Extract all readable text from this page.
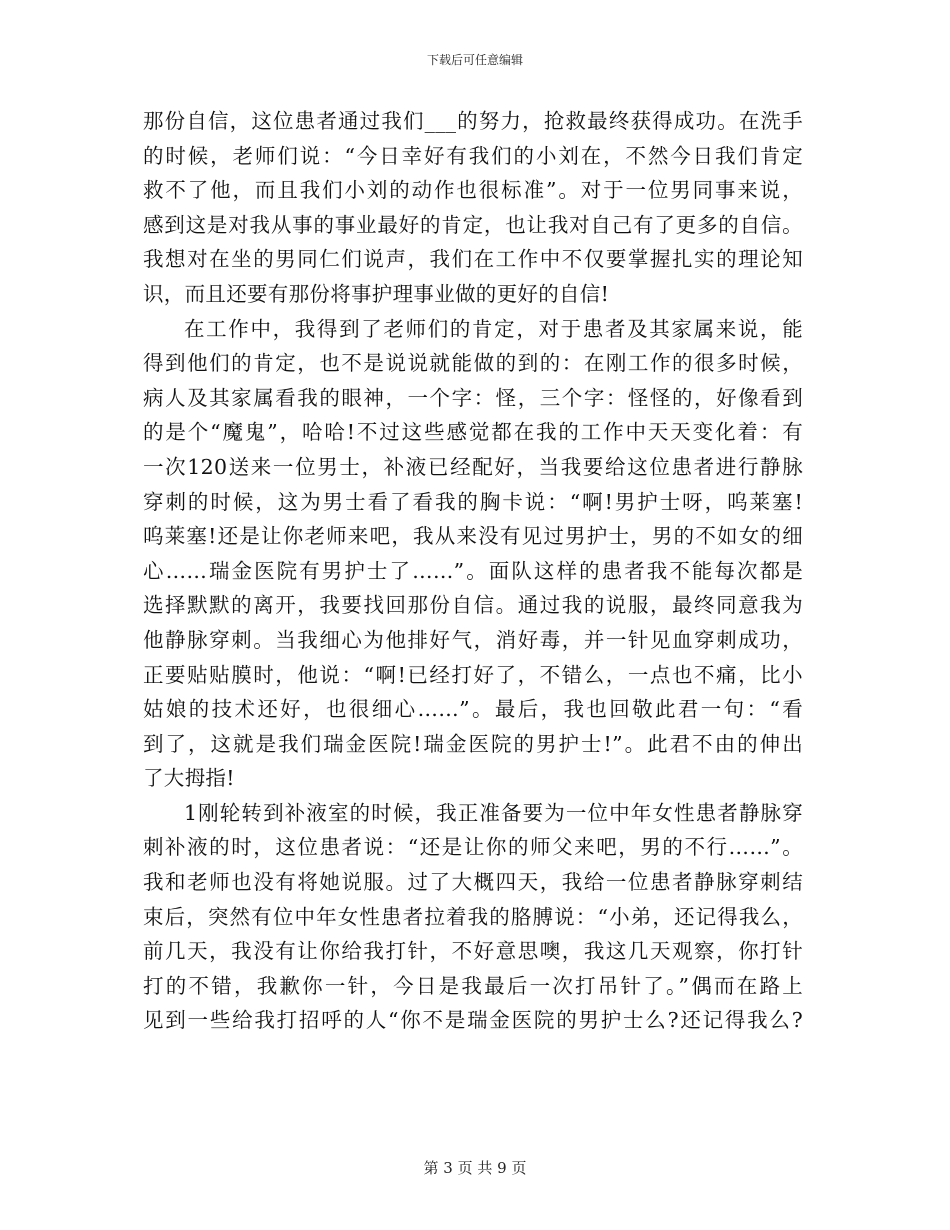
下载后可任意编辑
那份自信，这位患者通过我们___的努力，抢救最终获得成功。在洗手
的时候，老师们说：“今日幸好有我们的小刘在，不然今日我们肯定
救不了他，而且我们小刘的动作也很标准”。对于一位男同事来说，
感到这是对我从事的事业最好的肯定，也让我对自己有了更多的自信。
我想对在坐的男同仁们说声，我们在工作中不仅要掌握扎实的理论知
识，而且还要有那份将事护理事业做的更好的自信!
在工作中，我得到了老师们的肯定，对于患者及其家属来说，能
得到他们的肯定，也不是说说就能做的到的：在刚工作的很多时候，
病人及其家属看我的眼神，一个字：怪，三个字：怪怪的，好像看到
的是个“魔鬼”，哈哈!不过这些感觉都在我的工作中天天变化着：有
一次120送来一位男士，补液已经配好，当我要给这位患者进行静脉
穿刺的时候，这为男士看了看我的胸卡说：“啊!男护士呀，呜莱塞!
呜莱塞!还是让你老师来吧，我从来没有见过男护士，男的不如女的细
心……瑞金医院有男护士了……”。面队这样的患者我不能每次都是
选择默默的离开，我要找回那份自信。通过我的说服，最终同意我为
他静脉穿刺。当我细心为他排好气，消好毒，并一针见血穿刺成功，
正要贴贴膜时，他说：“啊!已经打好了，不错么，一点也不痛，比小
姑娘的技术还好，也很细心……”。最后，我也回敬此君一句：“看
到了，这就是我们瑞金医院!瑞金医院的男护士!”。此君不由的伸出
了大拇指!
1刚轮转到补液室的时候，我正准备要为一位中年女性患者静脉穿
刺补液的时，这位患者说：“还是让你的师父来吧，男的不行……”。
我和老师也没有将她说服。过了大概四天，我给一位患者静脉穿刺结
束后，突然有位中年女性患者拉着我的胳膊说：“小弟，还记得我么，
前几天，我没有让你给我打针，不好意思噢，我这几天观察，你打针
打的不错，我歉你一针，今日是我最后一次打吊针了。”偶而在路上
见到一些给我打招呼的人“你不是瑞金医院的男护士么?还记得我么?
第 3 页 共 9 页
